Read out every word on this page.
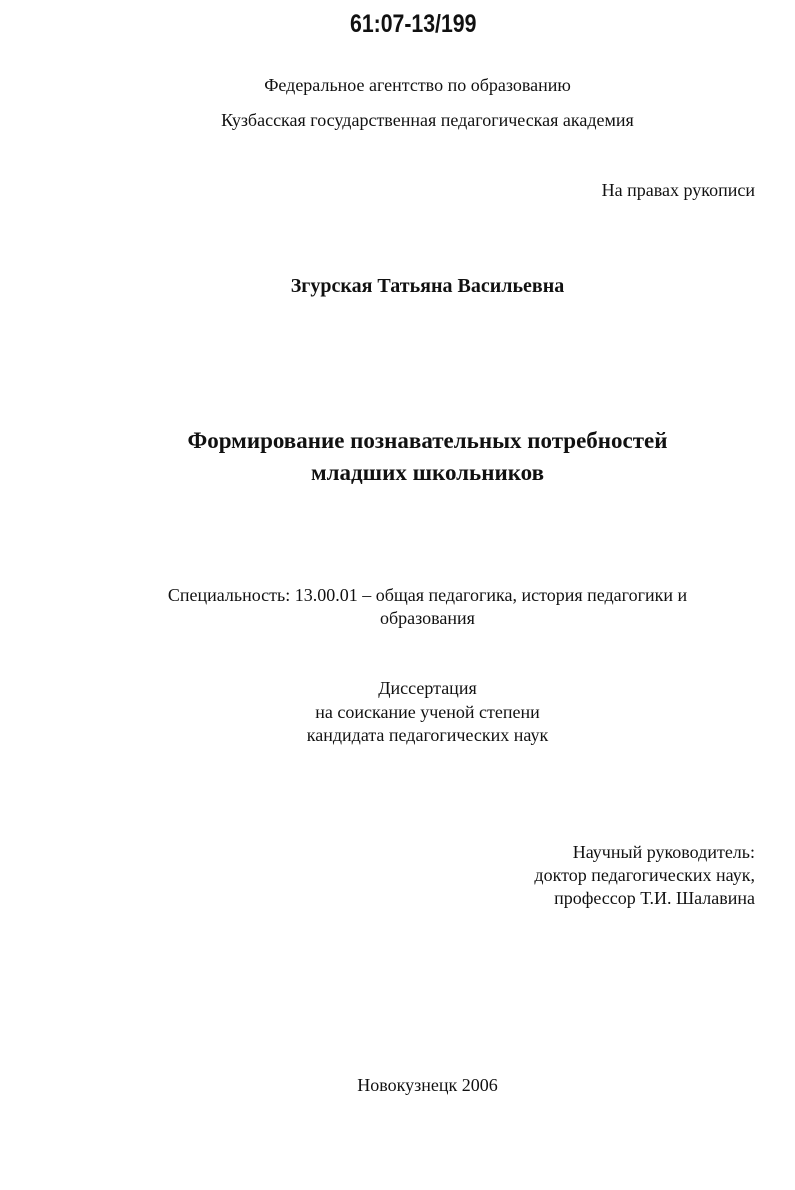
61:07-13/199
Федеральное агентство по образованию
Кузбасская государственная педагогическая академия
На правах рукописи
Згурская Татьяна Васильевна
Формирование познавательных потребностей
младших школьников
Специальность: 13.00.01 – общая педагогика, история педагогики и
образования
Диссертация
на соискание ученой степени
кандидата педагогических наук
Научный руководитель:
доктор педагогических наук,
профессор Т.И. Шалавина
Новокузнецк 2006
